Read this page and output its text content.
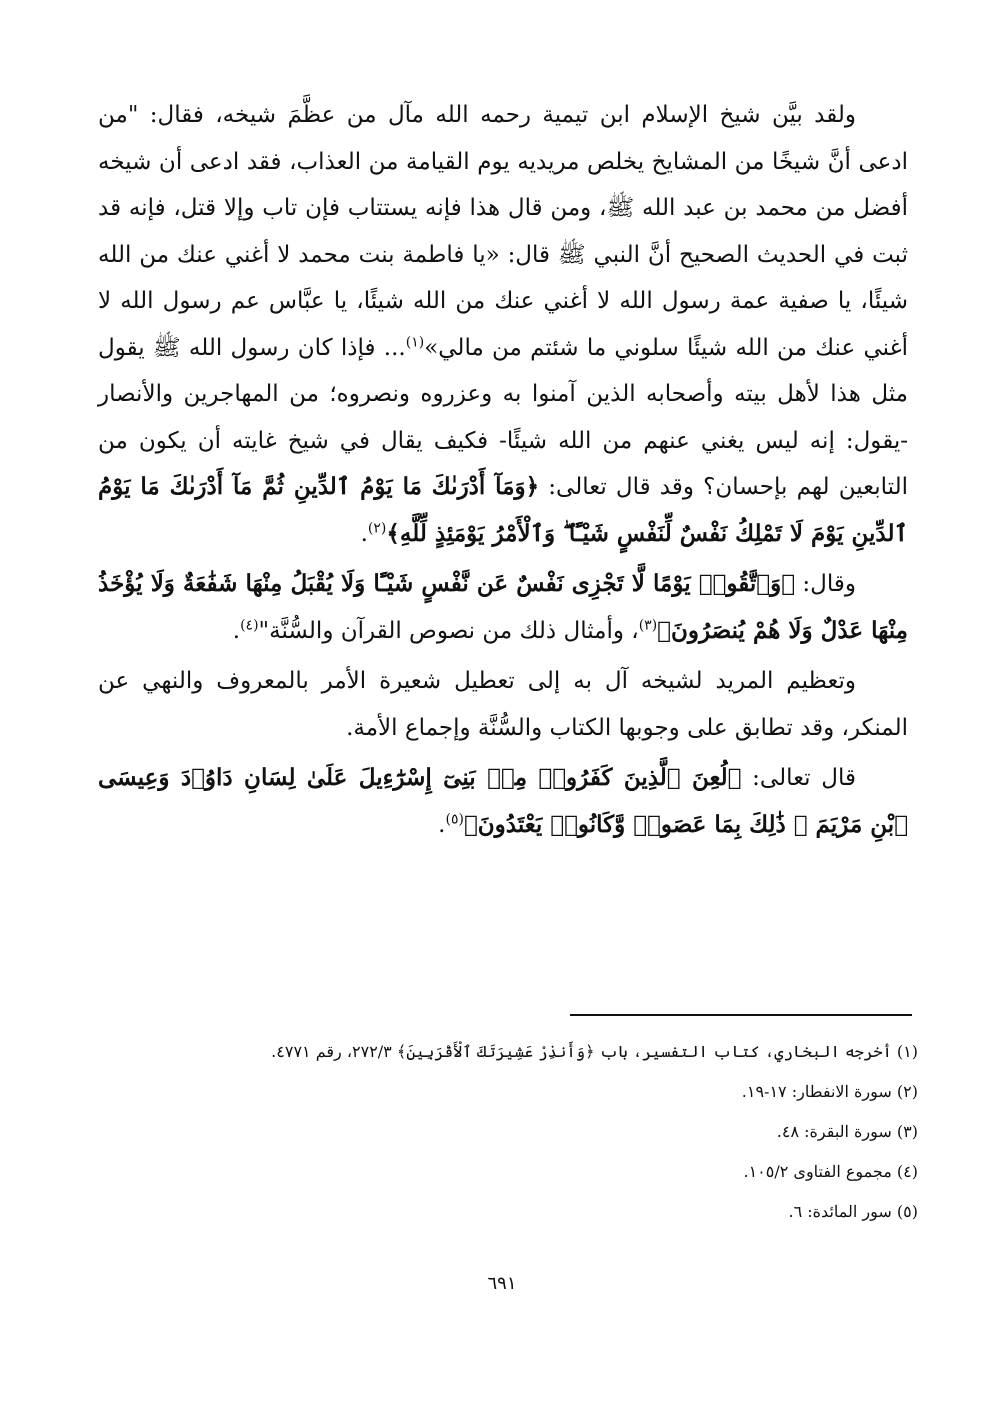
ولقد بيَّن شيخ الإسلام ابن تيمية رحمه الله مآل من عظَّمَ شيخه، فقال: "من ادعى أنَّ شيخًا من المشايخ يخلص مريديه يوم القيامة من العذاب، فقد ادعى أن شيخه أفضل من محمد بن عبد الله ﷺ، ومن قال هذا فإنه يستتاب فإن تاب وإلا قتل، فإنه قد ثبت في الحديث الصحيح أنَّ النبي ﷺ قال: «يا فاطمة بنت محمد لا أغني عنك من الله شيئًا، يا صفية عمة رسول الله لا أغني عنك من الله شيئًا، يا عبَّاس عم رسول الله لا أغني عنك من الله شيئًا سلوني ما شئتم من مالي»$^{(١)}$... فإذا كان رسول الله ﷺ يقول مثل هذا لأهل بيته وأصحابه الذين آمنوا به وعزروه ونصروه؛ من المهاجرين والأنصار -يقول: إنه ليس يغني عنهم من الله شيئًا- فكيف يقال في شيخ غايته أن يكون من التابعين لهم بإحسان؟ وقد قال تعالى: ﴿وَمَآ أَدْرَىٰكَ مَا يَوْمُ ٱلدِّينِ ثُمَّ مَآ أَدْرَىٰكَ مَا يَوْمُ ٱلدِّينِ يَوْمَ لَا تَمْلِكُ نَفْسٌ لِّنَفْسٍ شَيْـًٔا ۖ وَٱلْأَمْرُ يَوْمَئِذٍ لِّلَّهِ﴾$^{(٢)}$.

وقال: ﴿وَٱتَّقُوا۟ يَوْمًا لَّا تَجْزِى نَفْسٌ عَن نَّفْسٍ شَيْـًٔا وَلَا يُقْبَلُ مِنْهَا شَفَٰعَةٌ وَلَا يُؤْخَذُ مِنْهَا عَدْلٌ وَلَا هُمْ يُنصَرُونَ﴾$^{(٣)}$، وأمثال ذلك من نصوص القرآن والسُّنَّة"$^{(٤)}$.

وتعظيم المريد لشيخه آل به إلى تعطيل شعيرة الأمر بالمعروف والنهي عن المنكر، وقد تطابق على وجوبها الكتاب والسُّنَّة وإجماع الأمة.

قال تعالى: ﴿لُعِنَ ٱلَّذِينَ كَفَرُوا۟ مِنۢ بَنِىٓ إِسْرَٰٓءِيلَ عَلَىٰ لِسَانِ دَاوُۥدَ وَعِيسَى ٱبْنِ مَرْيَمَ ۚ ذَٰلِكَ بِمَا عَصَوا۟ وَّكَانُوا۟ يَعْتَدُونَ﴾$^{(٥)}$.

(١) أخرجه البخاري، كتاب التفسير، باب ﴿وَأَنذِرْ عَشِيرَتَكَ ٱلْأَقْرَبِينَ﴾ ٢٧٢/٣، رقم ٤٧٧١.

(٢) سورة الانفطار: ١٧-١٩.

(٣) سورة البقرة: ٤٨.

(٤) مجموع الفتاوى ١٠٥/٢.

(٥) سور المائدة: ٦.

٦٩١
